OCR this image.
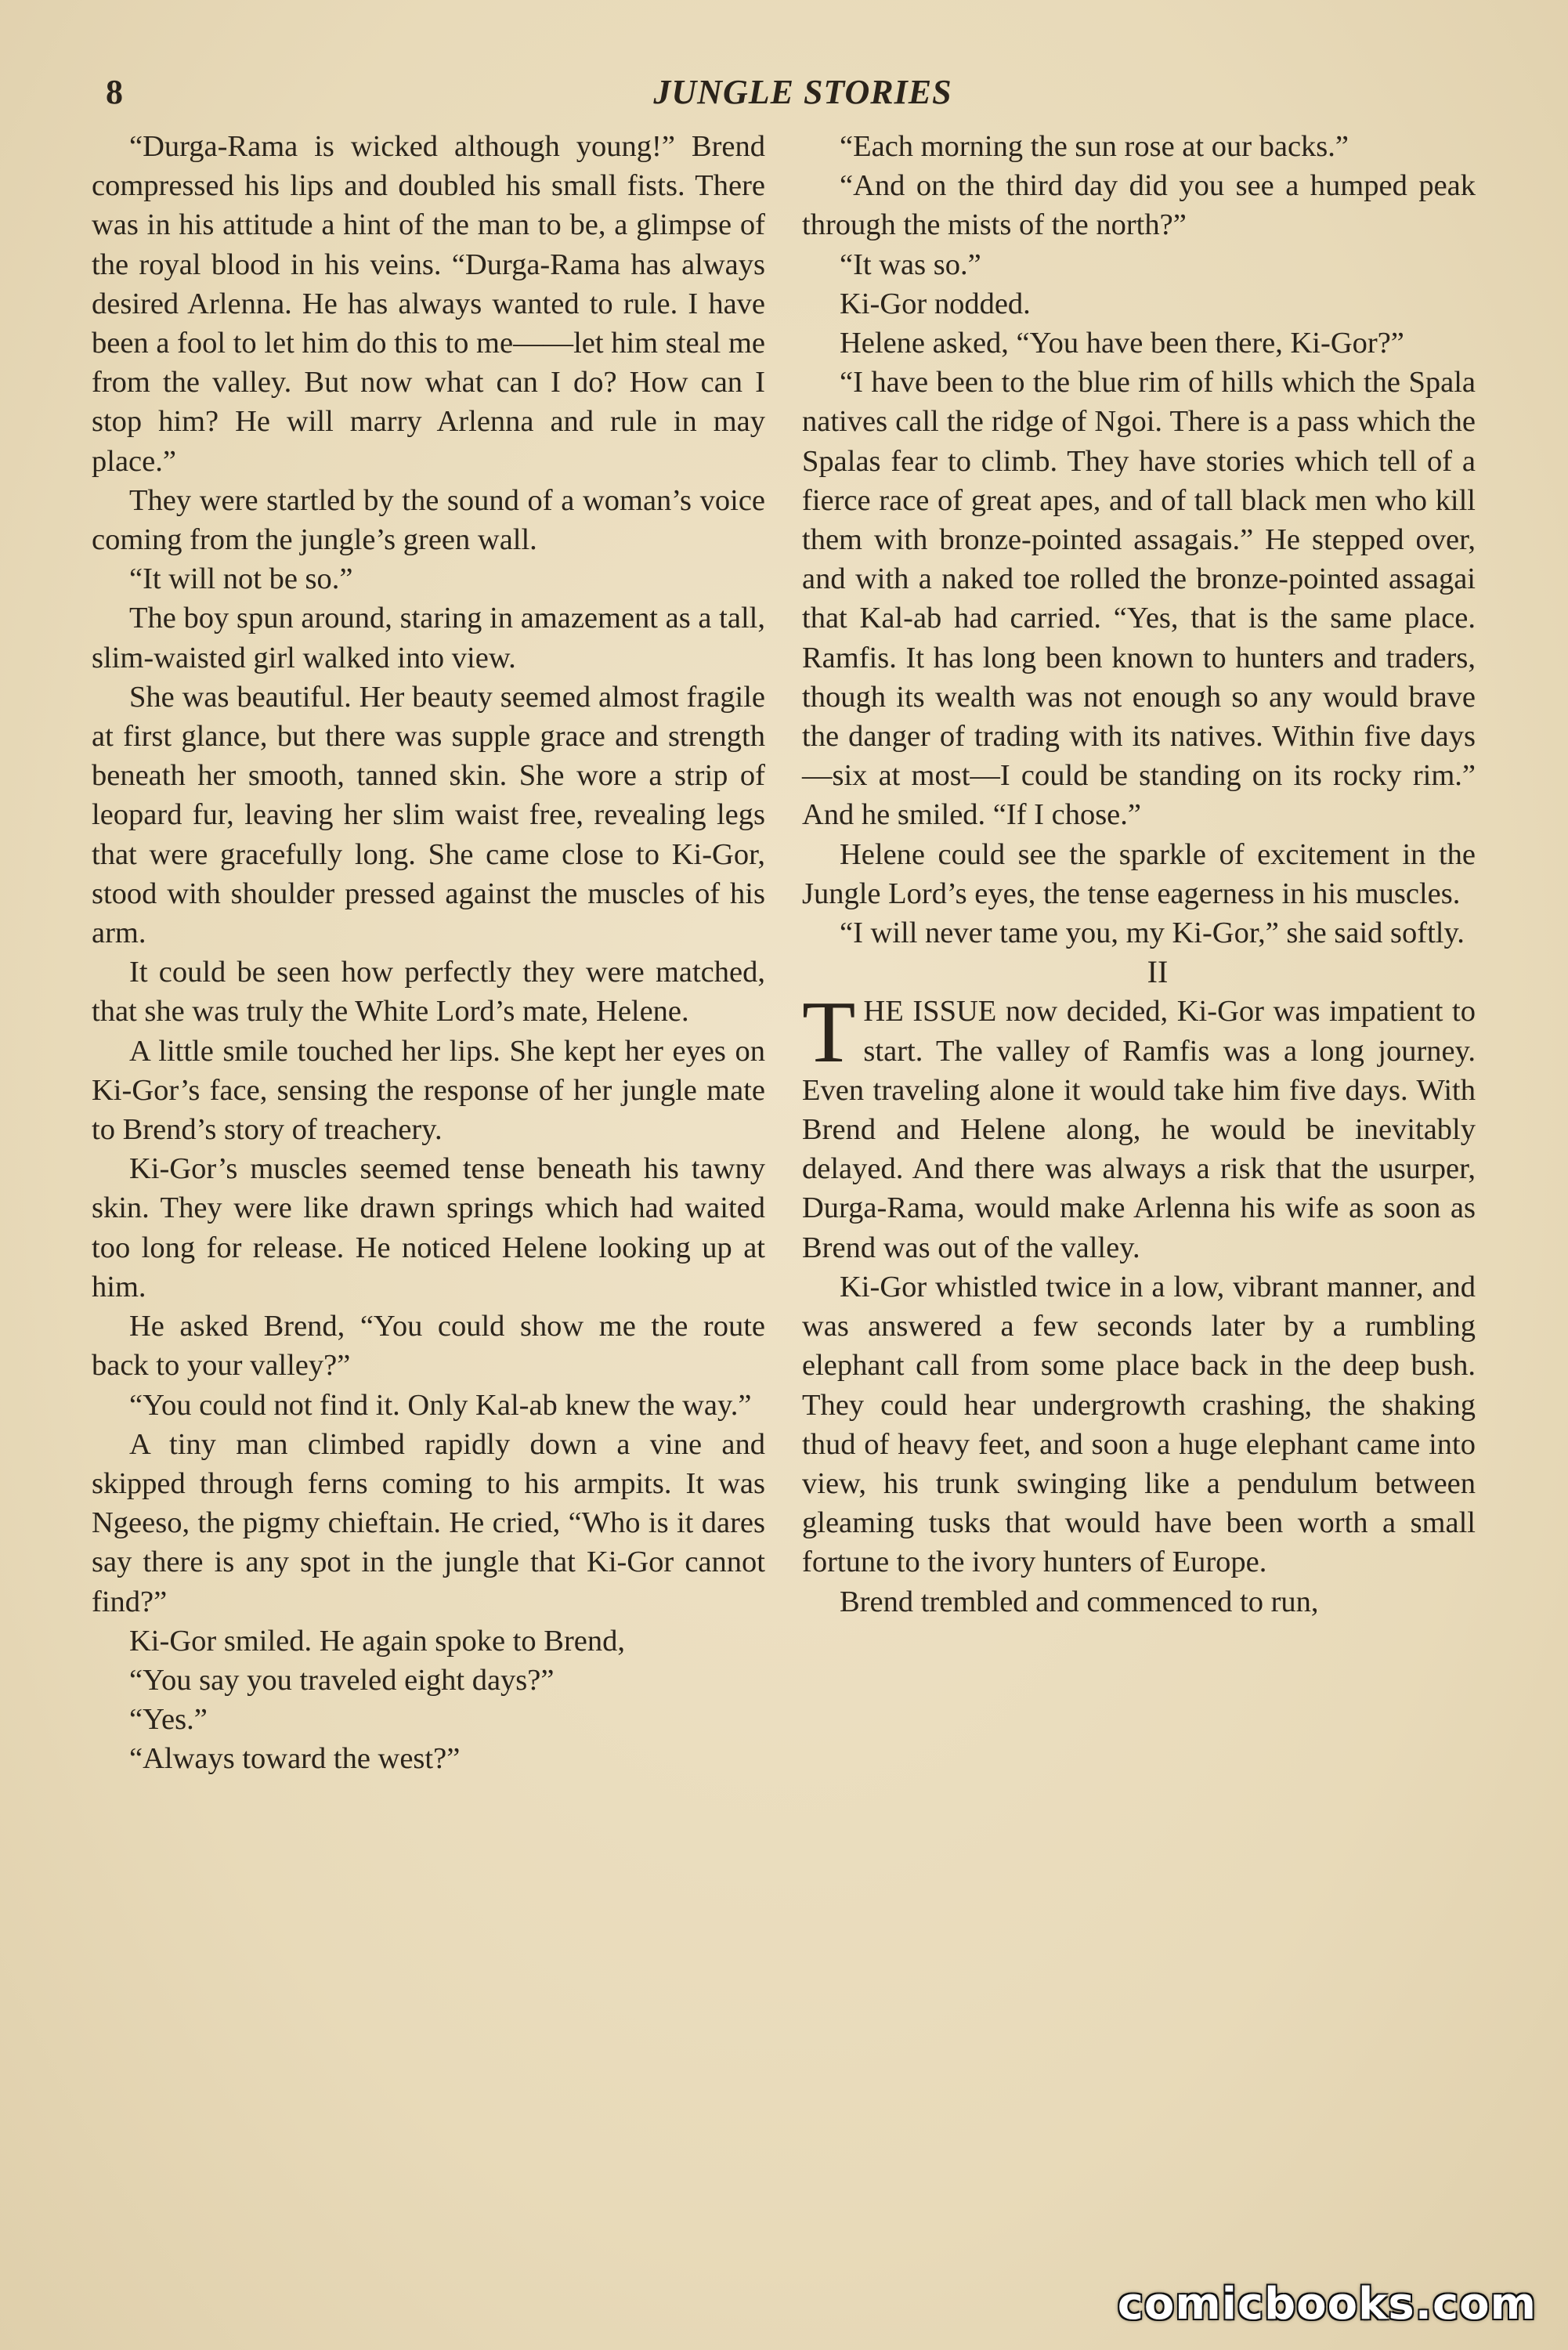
8	JUNGLE STORIES

“Durga-Rama is wicked although young!” Brend compressed his lips and doubled his small fists. There was in his attitude a hint of the man to be, a glimpse of the royal blood in his veins. “Durga-Rama has always desired Arlenna. He has always wanted to rule. I have been a fool to let him do this to me——let him steal me from the valley. But now what can I do? How can I stop him? He will marry Arlenna and rule in may place.”

They were startled by the sound of a woman’s voice coming from the jungle’s green wall.

“It will not be so.”

The boy spun around, staring in amazement as a tall, slim-waisted girl walked into view.

She was beautiful. Her beauty seemed almost fragile at first glance, but there was supple grace and strength beneath her smooth, tanned skin. She wore a strip of leopard fur, leaving her slim waist free, revealing legs that were gracefully long. She came close to Ki-Gor, stood with shoulder pressed against the muscles of his arm.

It could be seen how perfectly they were matched, that she was truly the White Lord’s mate, Helene.

A little smile touched her lips. She kept her eyes on Ki-Gor’s face, sensing the response of her jungle mate to Brend’s story of treachery.

Ki-Gor’s muscles seemed tense beneath his tawny skin. They were like drawn springs which had waited too long for release. He noticed Helene looking up at him.

He asked Brend, “You could show me the route back to your valley?”

“You could not find it. Only Kal-ab knew the way.”

A tiny man climbed rapidly down a vine and skipped through ferns coming to his armpits. It was Ngeeso, the pigmy chieftain. He cried, “Who is it dares say there is any spot in the jungle that Ki-Gor cannot find?”

Ki-Gor smiled. He again spoke to Brend,

“You say you traveled eight days?”

“Yes.”

“Always toward the west?”

“Each morning the sun rose at our backs.”

“And on the third day did you see a humped peak through the mists of the north?”

“It was so.”

Ki-Gor nodded.

Helene asked, “You have been there, Ki-Gor?”

“I have been to the blue rim of hills which the Spala natives call the ridge of Ngoi. There is a pass which the Spalas fear to climb. They have stories which tell of a fierce race of great apes, and of tall black men who kill them with bronze-pointed assagais.” He stepped over, and with a naked toe rolled the bronze-pointed assagai that Kal-ab had carried. “Yes, that is the same place. Ramfis. It has long been known to hunters and traders, though its wealth was not enough so any would brave the danger of trading with its natives. Within five days—six at most—I could be standing on its rocky rim.” And he smiled. “If I chose.”

Helene could see the sparkle of excitement in the Jungle Lord’s eyes, the tense eagerness in his muscles.

“I will never tame you, my Ki-Gor,” she said softly.

II

THE ISSUE now decided, Ki-Gor was impatient to start. The valley of Ramfis was a long journey. Even traveling alone it would take him five days. With Brend and Helene along, he would be inevitably delayed. And there was always a risk that the usurper, Durga-Rama, would make Arlenna his wife as soon as Brend was out of the valley.

Ki-Gor whistled twice in a low, vibrant manner, and was answered a few seconds later by a rumbling elephant call from some place back in the deep bush. They could hear undergrowth crashing, the shaking thud of heavy feet, and soon a huge elephant came into view, his trunk swinging like a pendulum between gleaming tusks that would have been worth a small fortune to the ivory hunters of Europe.

Brend trembled and commenced to run,

comicbooks.com
